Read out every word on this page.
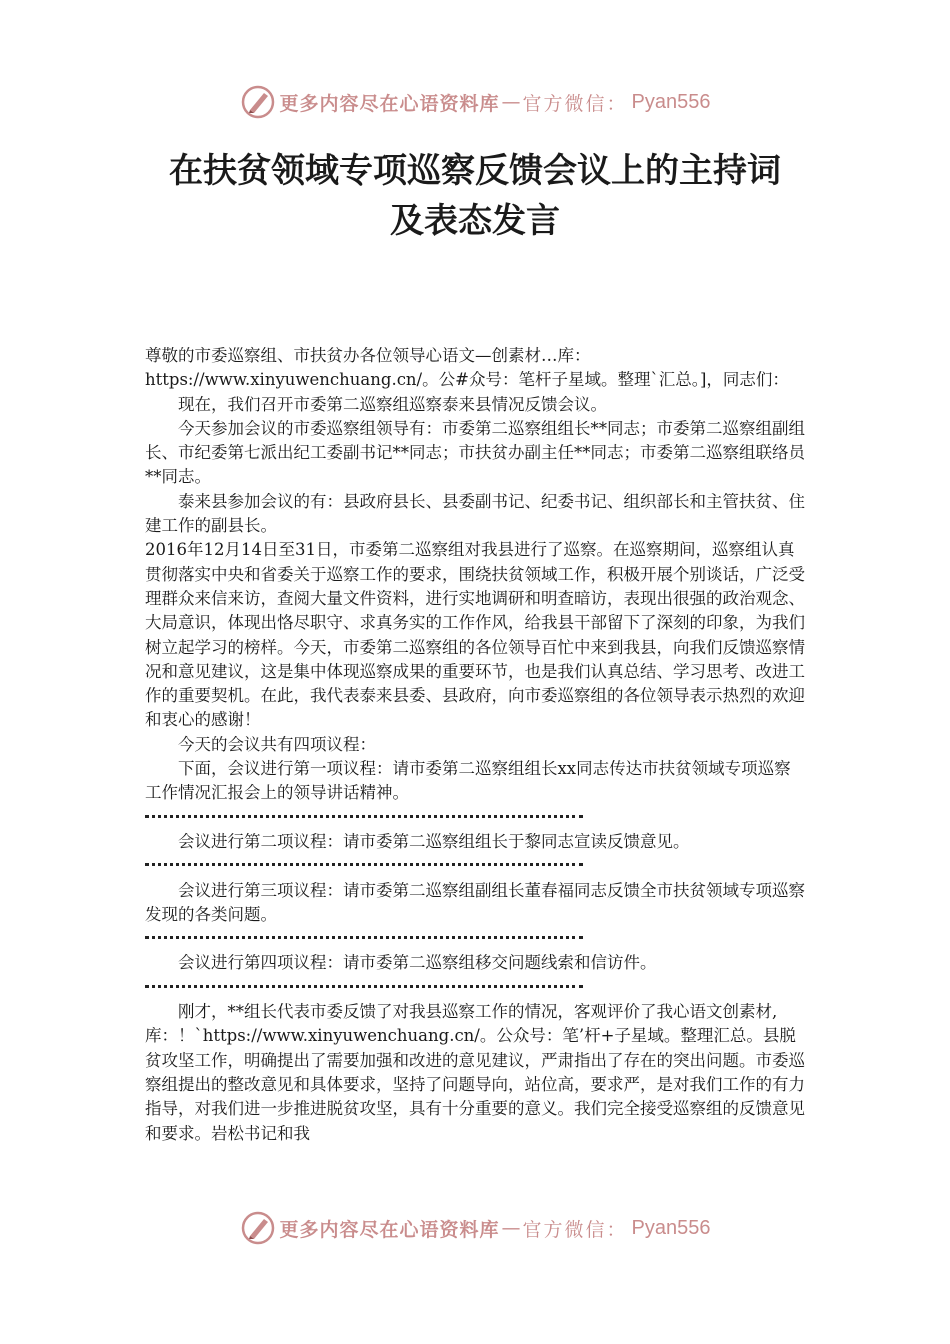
更多内容尽在心语资料库 — 官方微信： Pyan556
在扶贫领域专项巡察反馈会议上的主持词
及表态发言

尊敬的市委巡察组、市扶贫办各位领导心语文—创素材…库：https://www.xinyuwenchuang.cn/。公#众号：笔杆子星域。整理`汇总。]，同志们：

现在，我们召开市委第二巡察组巡察泰来县情况反馈会议。

今天参加会议的市委巡察组领导有：市委第二巡察组组长**同志；市委第二巡察组副组长、市纪委第七派出纪工委副书记**同志；市扶贫办副主任**同志；市委第二巡察组联络员**同志。

泰来县参加会议的有：县政府县长、县委副书记、纪委书记、组织部长和主管扶贫、住建工作的副县长。

2016年12月14日至31日，市委第二巡察组对我县进行了巡察。在巡察期间，巡察组认真贯彻落实中央和省委关于巡察工作的要求，围绕扶贫领域工作，积极开展个别谈话，广泛受理群众来信来访，查阅大量文件资料，进行实地调研和明查暗访，表现出很强的政治观念、大局意识，体现出恪尽职守、求真务实的工作作风，给我县干部留下了深刻的印象，为我们树立起学习的榜样。今天，市委第二巡察组的各位领导百忙中来到我县，向我们反馈巡察情况和意见建议，这是集中体现巡察成果的重要环节，也是我们认真总结、学习思考、改进工作的重要契机。在此，我代表泰来县委、县政府，向市委巡察组的各位领导表示热烈的欢迎和衷心的感谢！

今天的会议共有四项议程：

下面，会议进行第一项议程：请市委第二巡察组组长xx同志传达市扶贫领域专项巡察工作情况汇报会上的领导讲话精神。

会议进行第二项议程：请市委第二巡察组组长于黎同志宣读反馈意见。

会议进行第三项议程：请市委第二巡察组副组长董春福同志反馈全市扶贫领域专项巡察发现的各类问题。

会议进行第四项议程：请市委第二巡察组移交问题线索和信访件。

刚才，**组长代表市委反馈了对我县巡察工作的情况，客观评价了我心语文创素材,库：！`https://www.xinyuwenchuang.cn/。公众号：笔’杆+子星域。整理汇总。县脱贫攻坚工作，明确提出了需要加强和改进的意见建议，严肃指出了存在的突出问题。市委巡察组提出的整改意见和具体要求，坚持了问题导向，站位高，要求严，是对我们工作的有力指导，对我们进一步推进脱贫攻坚，具有十分重要的意义。我们完全接受巡察组的反馈意见和要求。岩松书记和我

更多内容尽在心语资料库 — 官方微信： Pyan556
